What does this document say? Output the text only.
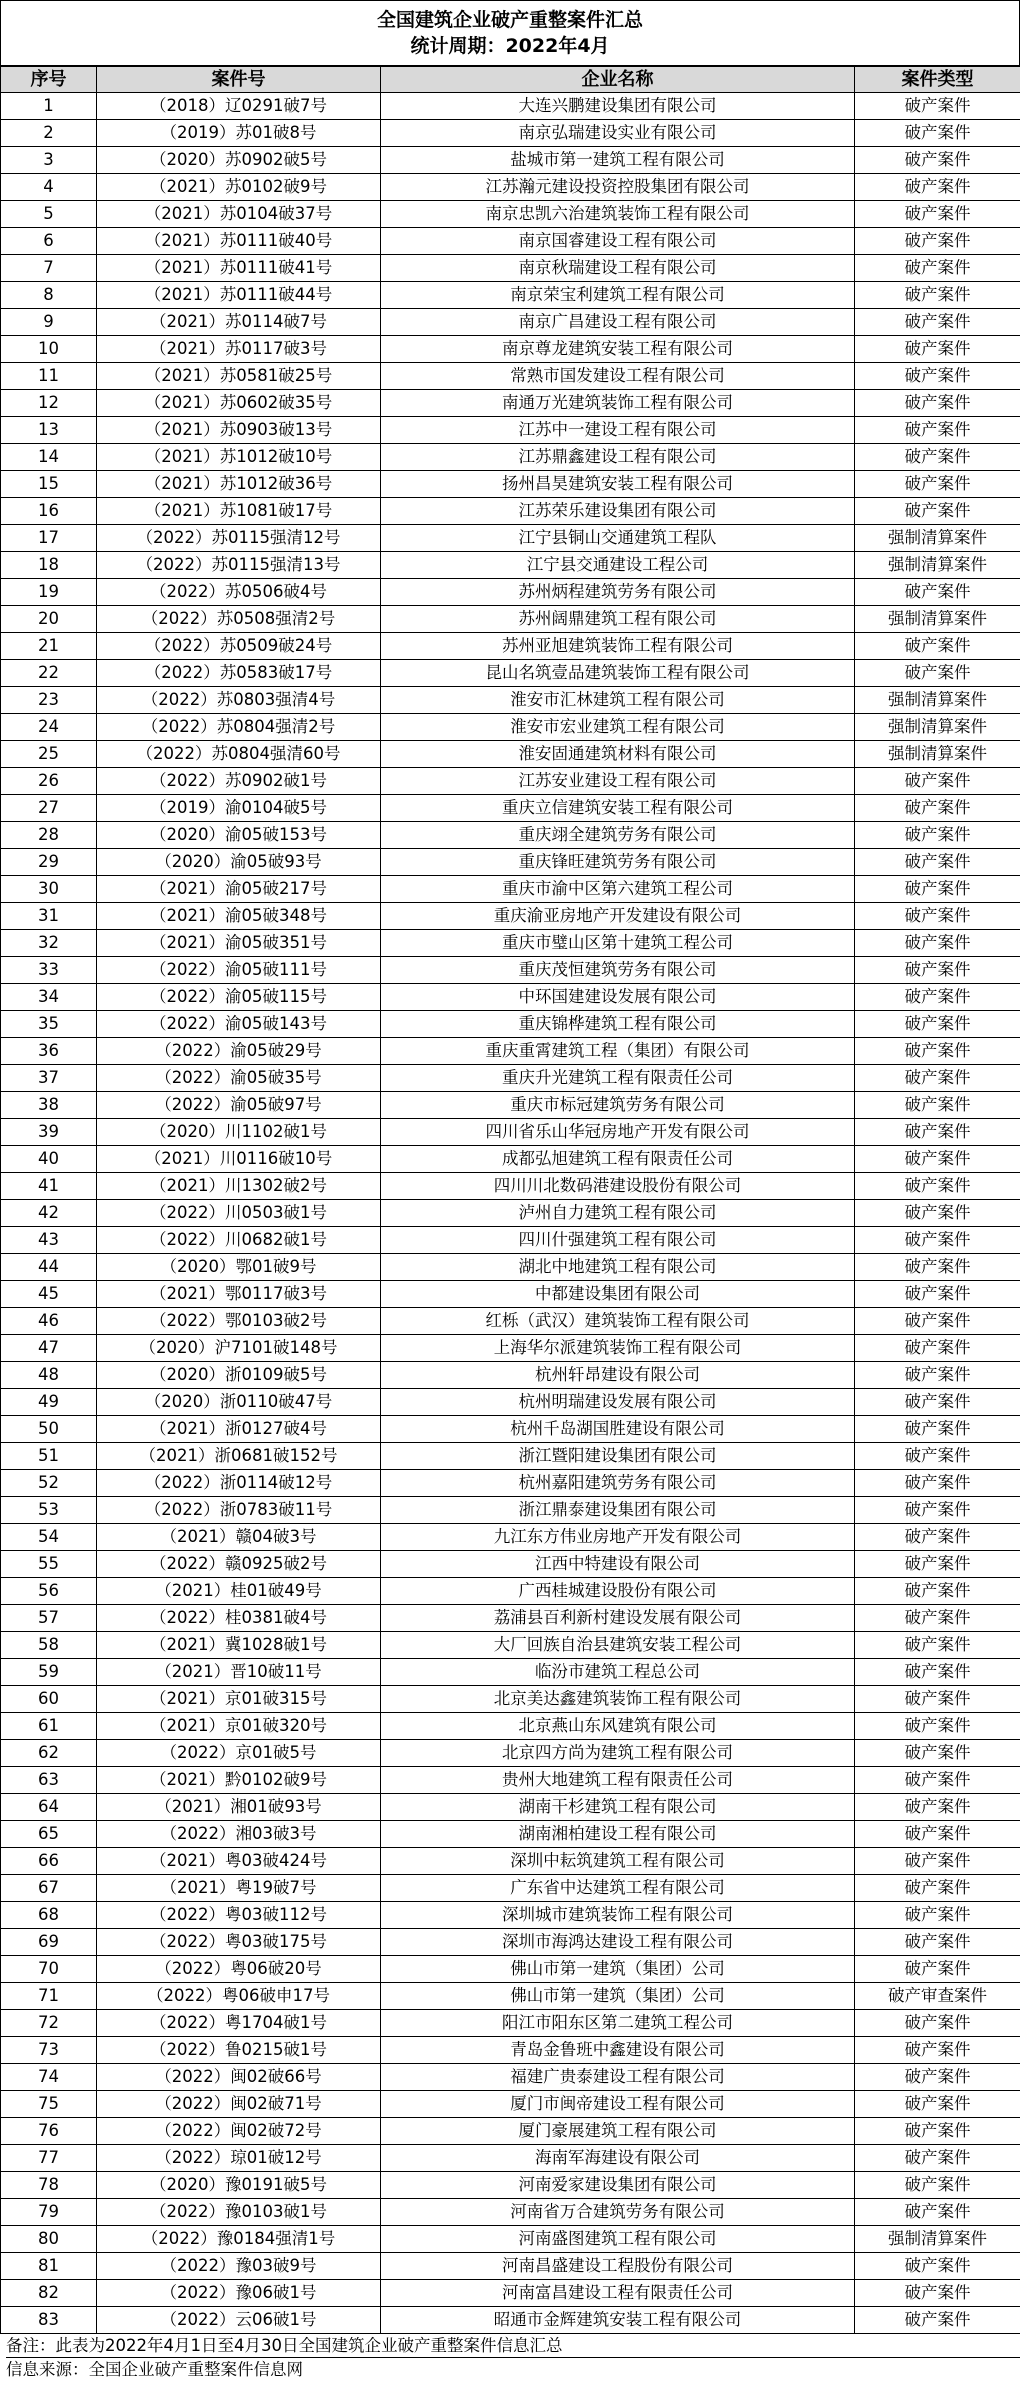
全国建筑企业破产重整案件汇总
统计周期：2022年4月
序号	案件号	企业名称	案件类型
1	（2018）辽0291破7号	大连兴鹏建设集团有限公司	破产案件
2	（2019）苏01破8号	南京弘瑞建设实业有限公司	破产案件
3	（2020）苏0902破5号	盐城市第一建筑工程有限公司	破产案件
4	（2021）苏0102破9号	江苏瀚元建设投资控股集团有限公司	破产案件
5	（2021）苏0104破37号	南京忠凯六治建筑装饰工程有限公司	破产案件
6	（2021）苏0111破40号	南京国睿建设工程有限公司	破产案件
7	（2021）苏0111破41号	南京秋瑞建设工程有限公司	破产案件
8	（2021）苏0111破44号	南京荣宝利建筑工程有限公司	破产案件
9	（2021）苏0114破7号	南京广昌建设工程有限公司	破产案件
10	（2021）苏0117破3号	南京尊龙建筑安装工程有限公司	破产案件
11	（2021）苏0581破25号	常熟市国发建设工程有限公司	破产案件
12	（2021）苏0602破35号	南通万光建筑装饰工程有限公司	破产案件
13	（2021）苏0903破13号	江苏中一建设工程有限公司	破产案件
14	（2021）苏1012破10号	江苏鼎鑫建设工程有限公司	破产案件
15	（2021）苏1012破36号	扬州昌昊建筑安装工程有限公司	破产案件
16	（2021）苏1081破17号	江苏荣乐建设集团有限公司	破产案件
17	（2022）苏0115强清12号	江宁县铜山交通建筑工程队	强制清算案件
18	（2022）苏0115强清13号	江宁县交通建设工程公司	强制清算案件
19	（2022）苏0506破4号	苏州炳程建筑劳务有限公司	破产案件
20	（2022）苏0508强清2号	苏州阔鼎建筑工程有限公司	强制清算案件
21	（2022）苏0509破24号	苏州亚旭建筑装饰工程有限公司	破产案件
22	（2022）苏0583破17号	昆山名筑壹品建筑装饰工程有限公司	破产案件
23	（2022）苏0803强清4号	淮安市汇林建筑工程有限公司	强制清算案件
24	（2022）苏0804强清2号	淮安市宏业建筑工程有限公司	强制清算案件
25	（2022）苏0804强清60号	淮安固通建筑材料有限公司	强制清算案件
26	（2022）苏0902破1号	江苏安业建设工程有限公司	破产案件
27	（2019）渝0104破5号	重庆立信建筑安装工程有限公司	破产案件
28	（2020）渝05破153号	重庆翊全建筑劳务有限公司	破产案件
29	（2020）渝05破93号	重庆锋旺建筑劳务有限公司	破产案件
30	（2021）渝05破217号	重庆市渝中区第六建筑工程公司	破产案件
31	（2021）渝05破348号	重庆渝亚房地产开发建设有限公司	破产案件
32	（2021）渝05破351号	重庆市璧山区第十建筑工程公司	破产案件
33	（2022）渝05破111号	重庆茂恒建筑劳务有限公司	破产案件
34	（2022）渝05破115号	中环国建建设发展有限公司	破产案件
35	（2022）渝05破143号	重庆锦桦建筑工程有限公司	破产案件
36	（2022）渝05破29号	重庆重霄建筑工程（集团）有限公司	破产案件
37	（2022）渝05破35号	重庆升光建筑工程有限责任公司	破产案件
38	（2022）渝05破97号	重庆市标冠建筑劳务有限公司	破产案件
39	（2020）川1102破1号	四川省乐山华冠房地产开发有限公司	破产案件
40	（2021）川0116破10号	成都弘旭建筑工程有限责任公司	破产案件
41	（2021）川1302破2号	四川川北数码港建设股份有限公司	破产案件
42	（2022）川0503破1号	泸州自力建筑工程有限公司	破产案件
43	（2022）川0682破1号	四川什强建筑工程有限公司	破产案件
44	（2020）鄂01破9号	湖北中地建筑工程有限公司	破产案件
45	（2021）鄂0117破3号	中都建设集团有限公司	破产案件
46	（2022）鄂0103破2号	红栎（武汉）建筑装饰工程有限公司	破产案件
47	（2020）沪7101破148号	上海华尔派建筑装饰工程有限公司	破产案件
48	（2020）浙0109破5号	杭州轩昂建设有限公司	破产案件
49	（2020）浙0110破47号	杭州明瑞建设发展有限公司	破产案件
50	（2021）浙0127破4号	杭州千岛湖国胜建设有限公司	破产案件
51	（2021）浙0681破152号	浙江暨阳建设集团有限公司	破产案件
52	（2022）浙0114破12号	杭州嘉阳建筑劳务有限公司	破产案件
53	（2022）浙0783破11号	浙江鼎泰建设集团有限公司	破产案件
54	（2021）赣04破3号	九江东方伟业房地产开发有限公司	破产案件
55	（2022）赣0925破2号	江西中特建设有限公司	破产案件
56	（2021）桂01破49号	广西桂城建设股份有限公司	破产案件
57	（2022）桂0381破4号	荔浦县百利新村建设发展有限公司	破产案件
58	（2021）冀1028破1号	大厂回族自治县建筑安装工程公司	破产案件
59	（2021）晋10破11号	临汾市建筑工程总公司	破产案件
60	（2021）京01破315号	北京美达鑫建筑装饰工程有限公司	破产案件
61	（2021）京01破320号	北京燕山东风建筑有限公司	破产案件
62	（2022）京01破5号	北京四方尚为建筑工程有限公司	破产案件
63	（2021）黔0102破9号	贵州大地建筑工程有限责任公司	破产案件
64	（2021）湘01破93号	湖南干杉建筑工程有限公司	破产案件
65	（2022）湘03破3号	湖南湘柏建设工程有限公司	破产案件
66	（2021）粤03破424号	深圳中耘筑建筑工程有限公司	破产案件
67	（2021）粤19破7号	广东省中达建筑工程有限公司	破产案件
68	（2022）粤03破112号	深圳城市建筑装饰工程有限公司	破产案件
69	（2022）粤03破175号	深圳市海鸿达建设工程有限公司	破产案件
70	（2022）粤06破20号	佛山市第一建筑（集团）公司	破产案件
71	（2022）粤06破申17号	佛山市第一建筑（集团）公司	破产审查案件
72	（2022）粤1704破1号	阳江市阳东区第二建筑工程公司	破产案件
73	（2022）鲁0215破1号	青岛金鲁班中鑫建设有限公司	破产案件
74	（2022）闽02破66号	福建广贵泰建设工程有限公司	破产案件
75	（2022）闽02破71号	厦门市闽帝建设工程有限公司	破产案件
76	（2022）闽02破72号	厦门豪展建筑工程有限公司	破产案件
77	（2022）琼01破12号	海南军海建设有限公司	破产案件
78	（2020）豫0191破5号	河南爱家建设集团有限公司	破产案件
79	（2022）豫0103破1号	河南省万合建筑劳务有限公司	破产案件
80	（2022）豫0184强清1号	河南盛图建筑工程有限公司	强制清算案件
81	（2022）豫03破9号	河南昌盛建设工程股份有限公司	破产案件
82	（2022）豫06破1号	河南富昌建设工程有限责任公司	破产案件
83	（2022）云06破1号	昭通市金辉建筑安装工程有限公司	破产案件
备注：此表为2022年4月1日至4月30日全国建筑企业破产重整案件信息汇总
信息来源：全国企业破产重整案件信息网
